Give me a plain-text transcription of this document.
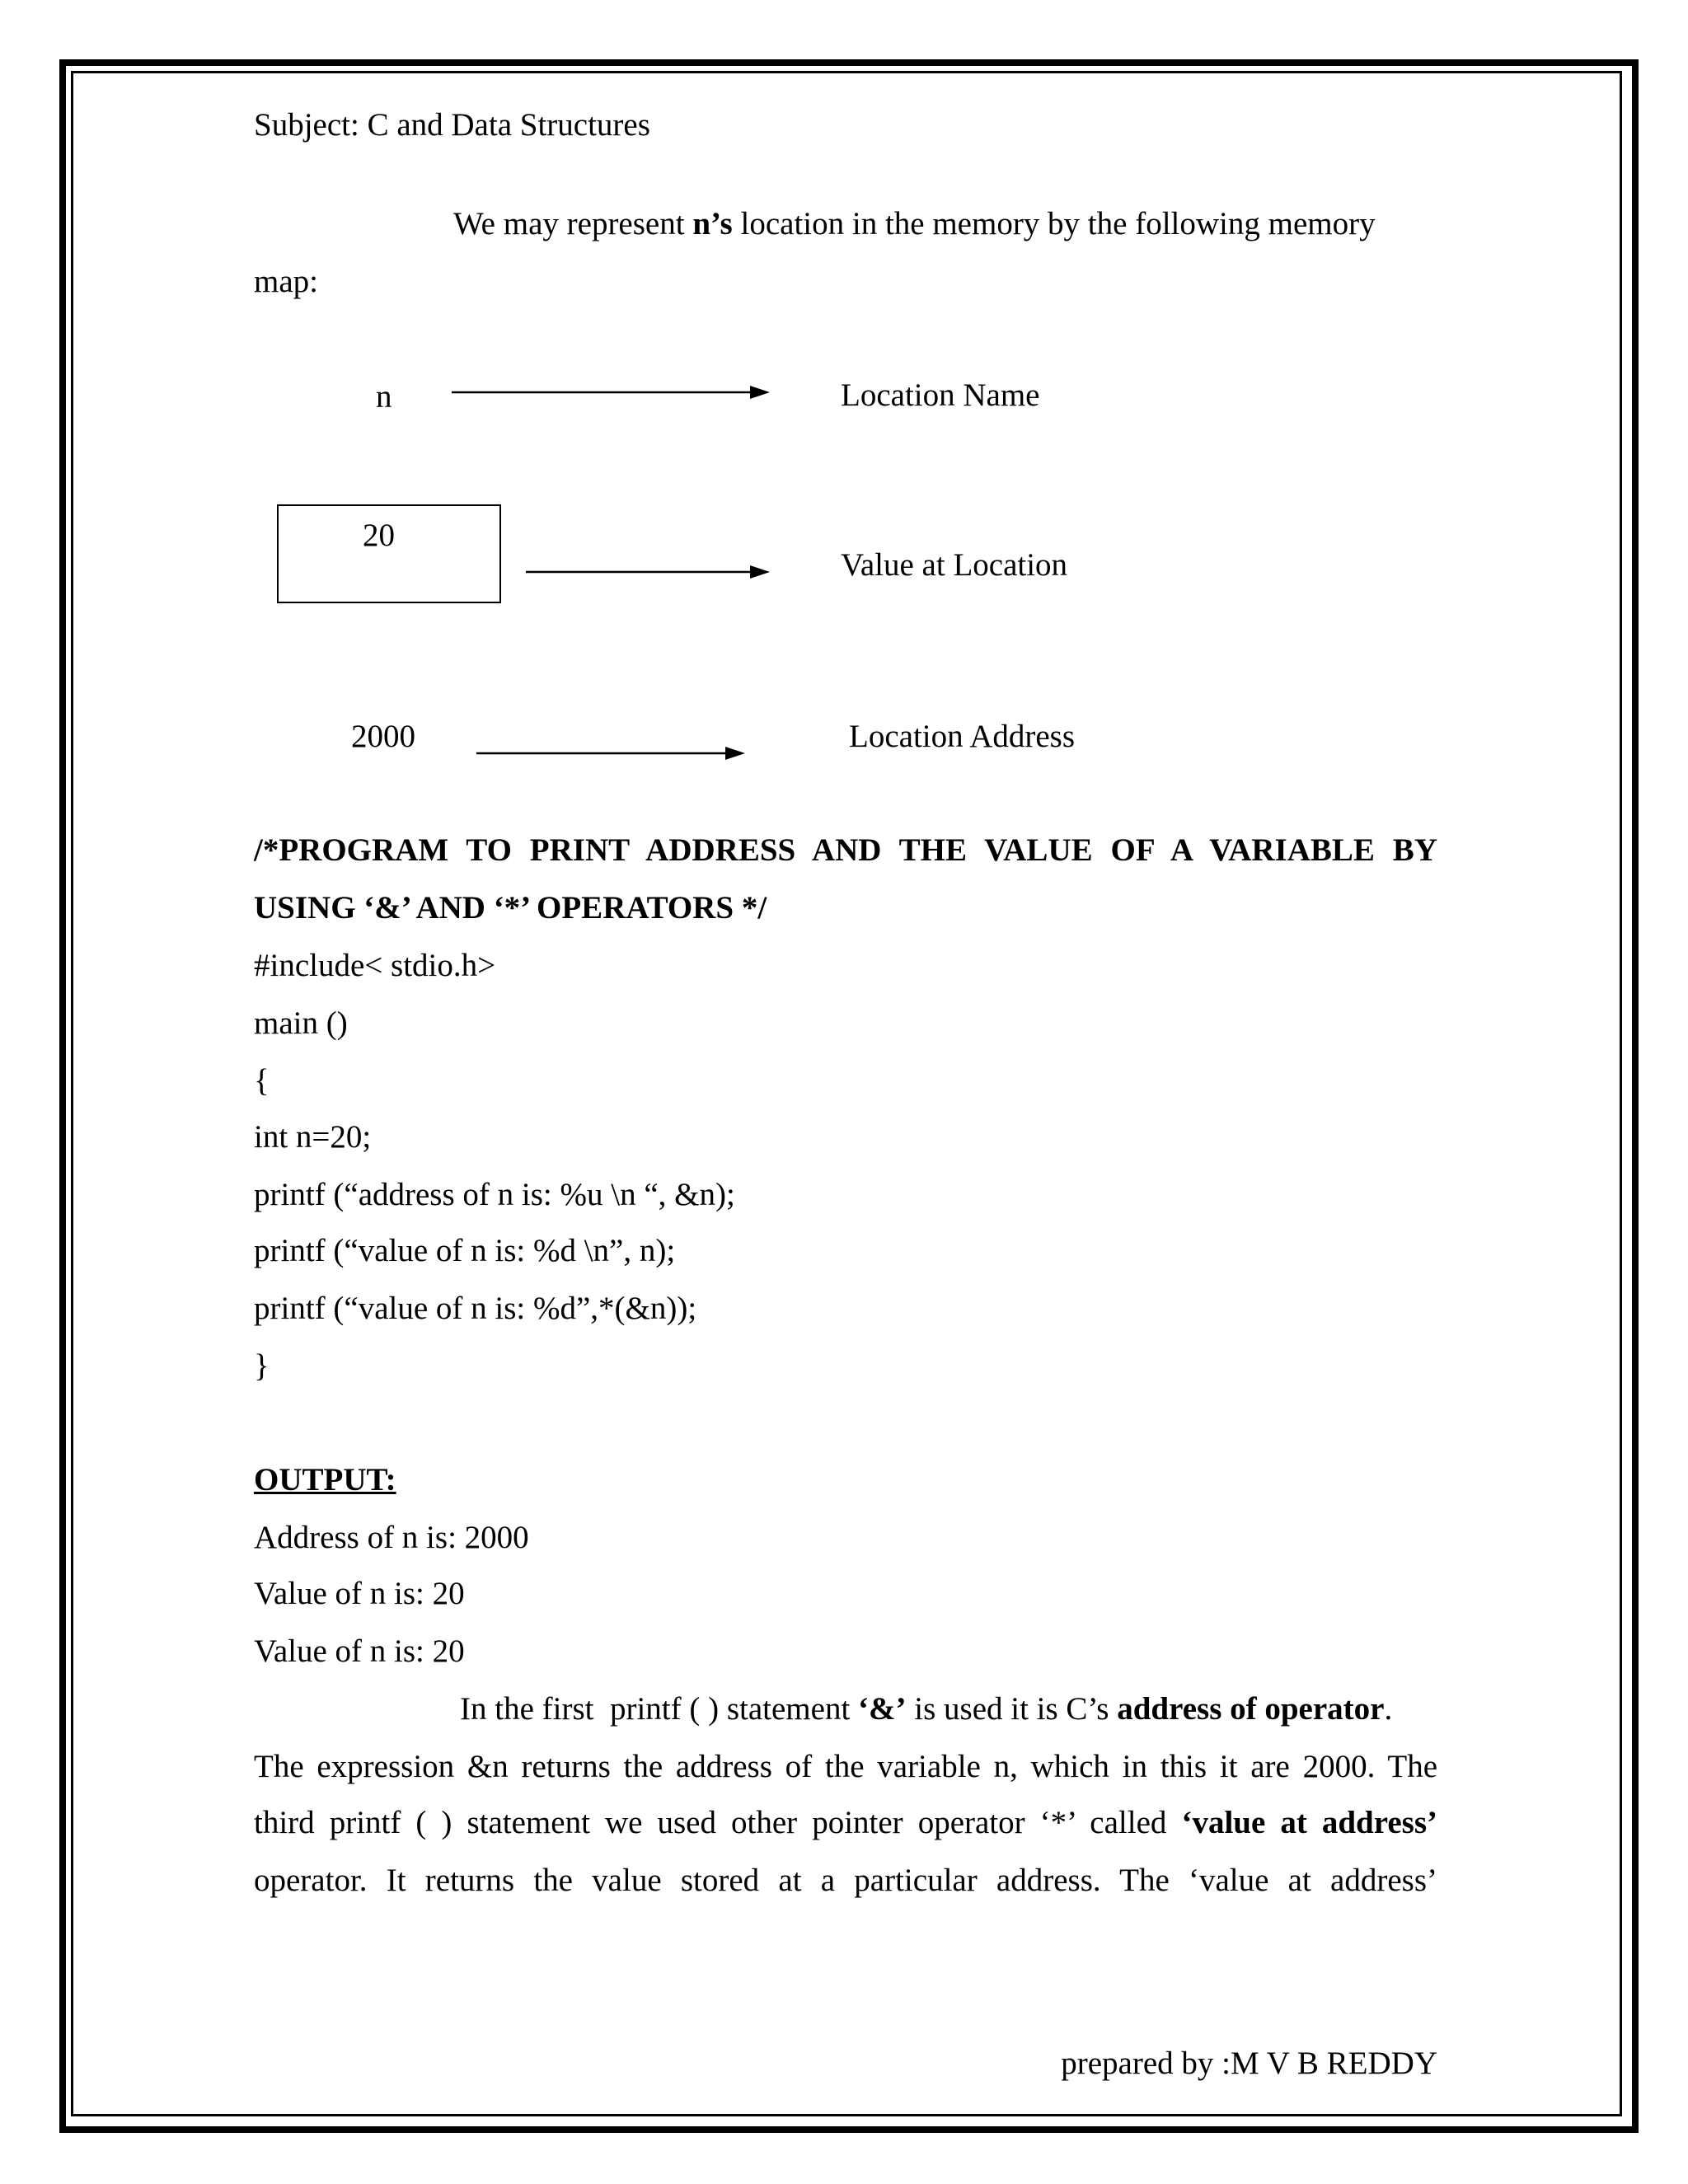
Subject: C and Data Structures
We may represent n’s location in the memory by the following memory
map:
n	Location Name
20
Value at Location
2000	Location Address
/*PROGRAM TO PRINT ADDRESS AND THE VALUE OF A VARIABLE BY
USING ‘&’ AND ‘*’ OPERATORS */
#include< stdio.h>
main ()
{
int n=20;
printf (“address of n is: %u \n “, &n);
printf (“value of n is: %d \n”, n);
printf (“value of n is: %d”,*(&n));
}
OUTPUT:
Address of n is: 2000
Value of n is: 20
Value of n is: 20
In the first  printf ( ) statement ‘&’ is used it is C’s address of operator.
The expression &n returns the address of the variable n, which in this it are 2000. The
third printf ( ) statement we used other pointer operator ‘*’ called ‘value at address’
operator. It returns the value stored at a particular address. The ‘value at address’
prepared by :M V B REDDY
